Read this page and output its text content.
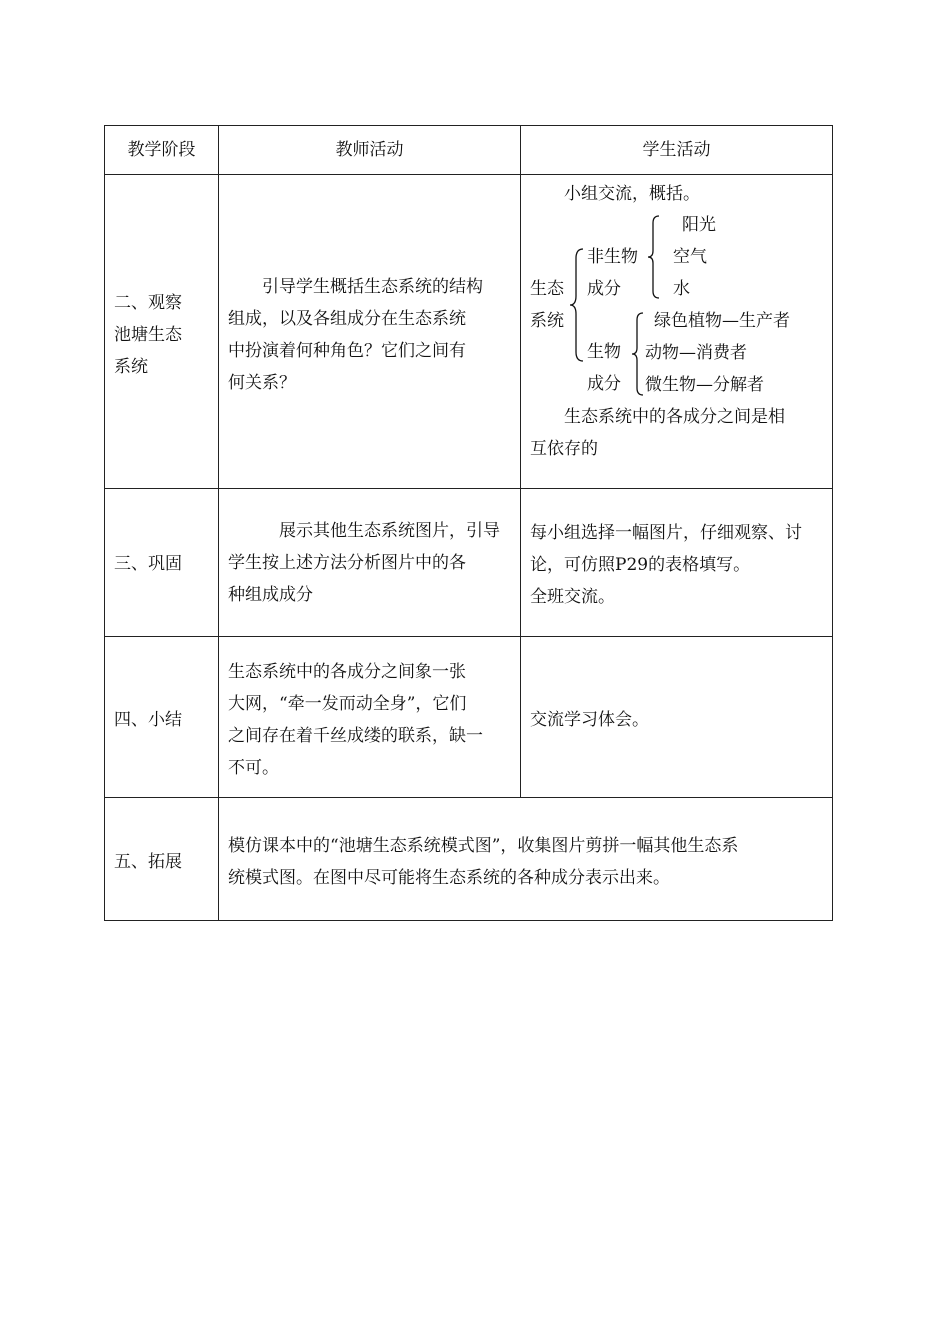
教学阶段	教师活动	学生活动
二、观察
池塘生态
系统
　　引导学生概括生态系统的结构
组成，以及各组成分在生态系统
中扮演着何种角色？它们之间有
何关系？
　　小组交流，概括。
生态
系统
非生物
成分
阳光
空气
水
生物
成分
绿色植物—生产者
动物—消费者
微生物—分解者
　　生态系统中的各成分之间是相
互依存的
三、巩固
　　　展示其他生态系统图片，引导
学生按上述方法分析图片中的各
种组成成分
每小组选择一幅图片，仔细观察、讨
论，可仿照P29的表格填写。
全班交流。
四、小结
生态系统中的各成分之间象一张
大网，“牵一发而动全身”，它们
之间存在着千丝成缕的联系，缺一
不可。
交流学习体会。
五、拓展
模仿课本中的“池塘生态系统模式图”，收集图片剪拼一幅其他生态系
统模式图。在图中尽可能将生态系统的各种成分表示出来。
